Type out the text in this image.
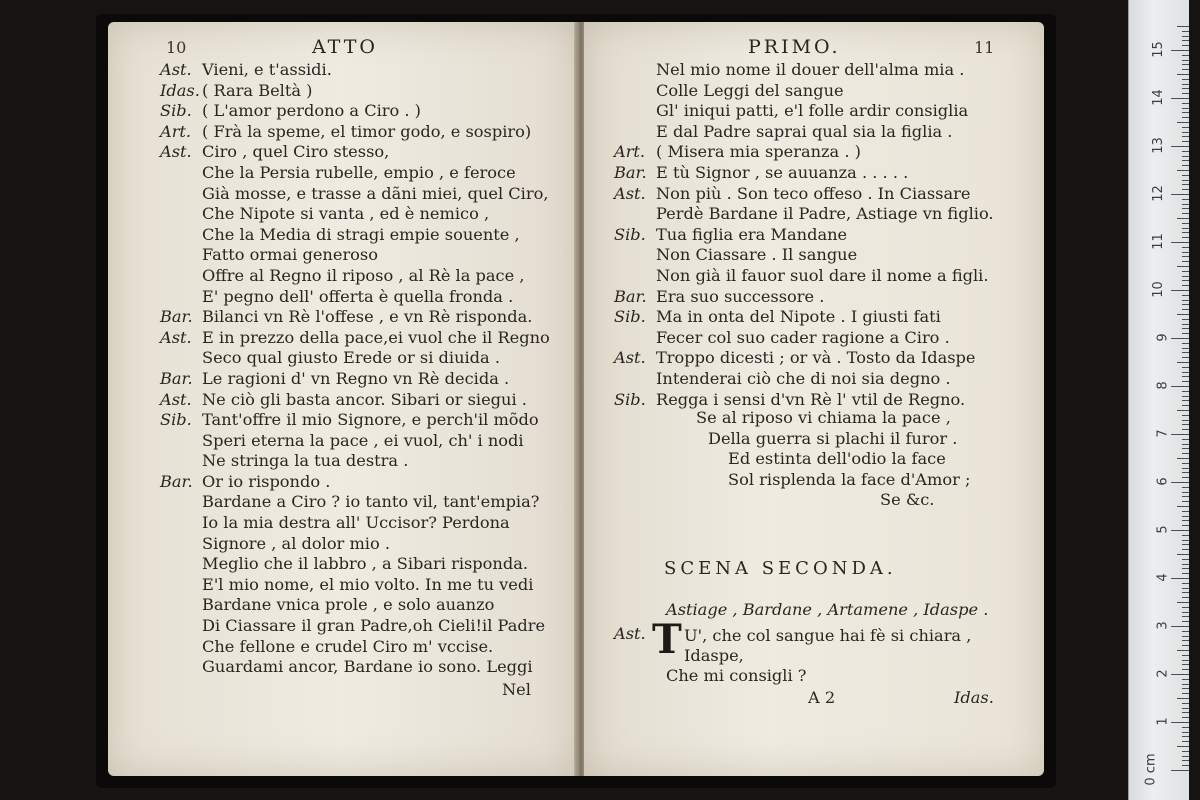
10	ATTO
Ast. Vieni, e t'assidi.
Idas. ( Rara Beltà )
Sib. ( L'amor perdono a Ciro . )
Art. ( Frà la speme, el timor godo, e sospiro)
Ast. Ciro , quel Ciro stesso,
Che la Persia rubelle, empio , e feroce
Già mosse, e trasse a dãni miei, quel Ciro,
Che Nipote si vanta , ed è nemico ,
Che la Media di stragi empie souente ,
Fatto ormai generoso
Offre al Regno il riposo , al Rè la pace ,
E' pegno dell' offerta è quella fronda .
Bar. Bilanci vn Rè l'offese , e vn Rè risponda.
Ast. E in prezzo della pace,ei vuol che il Regno
Seco qual giusto Erede or si diuida .
Bar. Le ragioni d' vn Regno vn Rè decida .
Ast. Ne ciò gli basta ancor. Sibari or siegui .
Sib. Tant'offre il mio Signore, e perch'il mõdo
Speri eterna la pace , ei vuol, ch' i nodi
Ne stringa la tua destra .
Bar. Or io rispondo .
Bardane a Ciro ? io tanto vil, tant'empia?
Io la mia destra all' Uccisor? Perdona
Signore , al dolor mio .
Meglio che il labbro , a Sibari risponda.
E'l mio nome, el mio volto. In me tu vedi
Bardane vnica prole , e solo auanzo
Di Ciassare il gran Padre,oh Cieli!il Padre
Che fellone e crudel Ciro m' vccise.
Guardami ancor, Bardane io sono. Leggi
Nel
PRIMO.	11
Nel mio nome il douer dell'alma mia .
Colle Leggi del sangue
Gl' iniqui patti, e'l folle ardir consiglia
E dal Padre saprai qual sia la figlia .
Art. ( Misera mia speranza . )
Bar. E tù Signor , se auuanza . . . . .
Ast. Non più . Son teco offeso . In Ciassare
Perdè Bardane il Padre, Astiage vn figlio.
Sib. Tua figlia era Mandane
Non Ciassare . Il sangue
Non già il fauor suol dare il nome a figli.
Bar. Era suo successore .
Sib. Ma in onta del Nipote . I giusti fati
Fecer col suo cader ragione a Ciro .
Ast. Troppo dicesti ; or và . Tosto da Idaspe
Intenderai ciò che di noi sia degno .
Sib. Regga i sensi d'vn Rè l' vtil de Regno.
Se al riposo vi chiama la pace ,
Della guerra si plachi il furor .
Ed estinta dell'odio la face
Sol risplenda la face d'Amor ;
Se &c.
SCENA SECONDA.
Astiage , Bardane , Artamene , Idaspe .
Ast. T U', che col sangue hai fè si chiara ,
Idaspe,
Che mi consigli ?
A 2	Idas.
0 cm
1
2
3
4
5
6
7
8
9
10
11
12
13
14
15
